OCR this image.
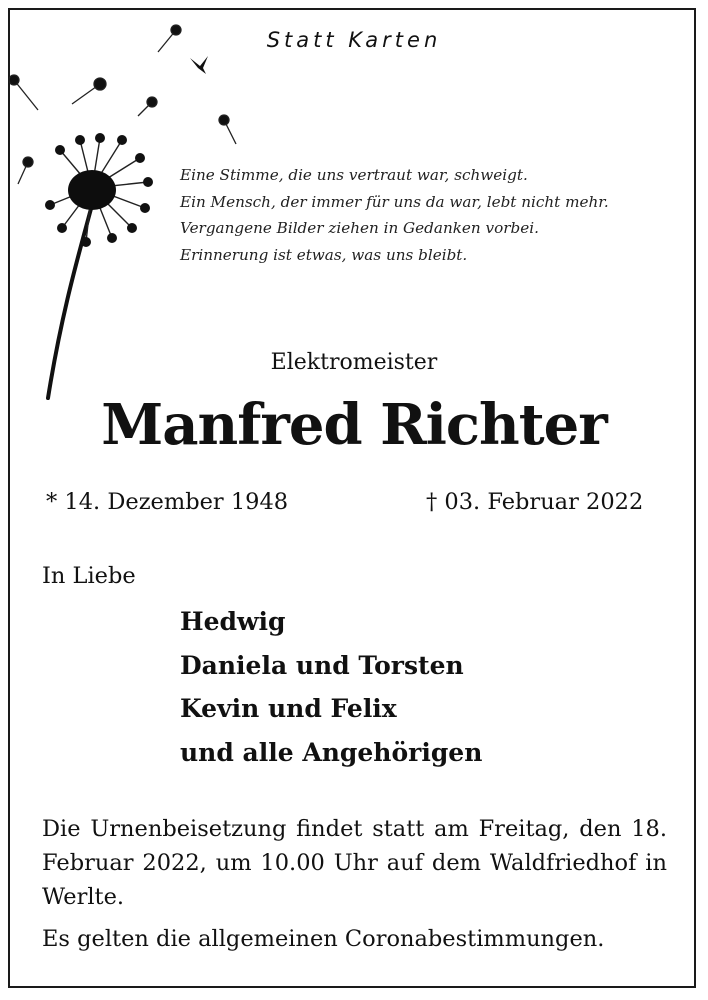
Statt Karten
Eine Stimme, die uns vertraut war, schweigt.
Ein Mensch, der immer für uns da war, lebt nicht mehr.
Vergangene Bilder ziehen in Gedanken vorbei.
Erinnerung ist etwas, was uns bleibt.
Elektromeister
Manfred Richter
* 14. Dezember 1948	† 03. Februar 2022
In Liebe
Hedwig
Daniela und Torsten
Kevin und Felix
und alle Angehörigen
Die Urnenbeisetzung findet statt am Freitag, den 18. Februar 2022, um 10.00 Uhr auf dem Waldfriedhof in Werlte.
Es gelten die allgemeinen Coronabestimmungen.
